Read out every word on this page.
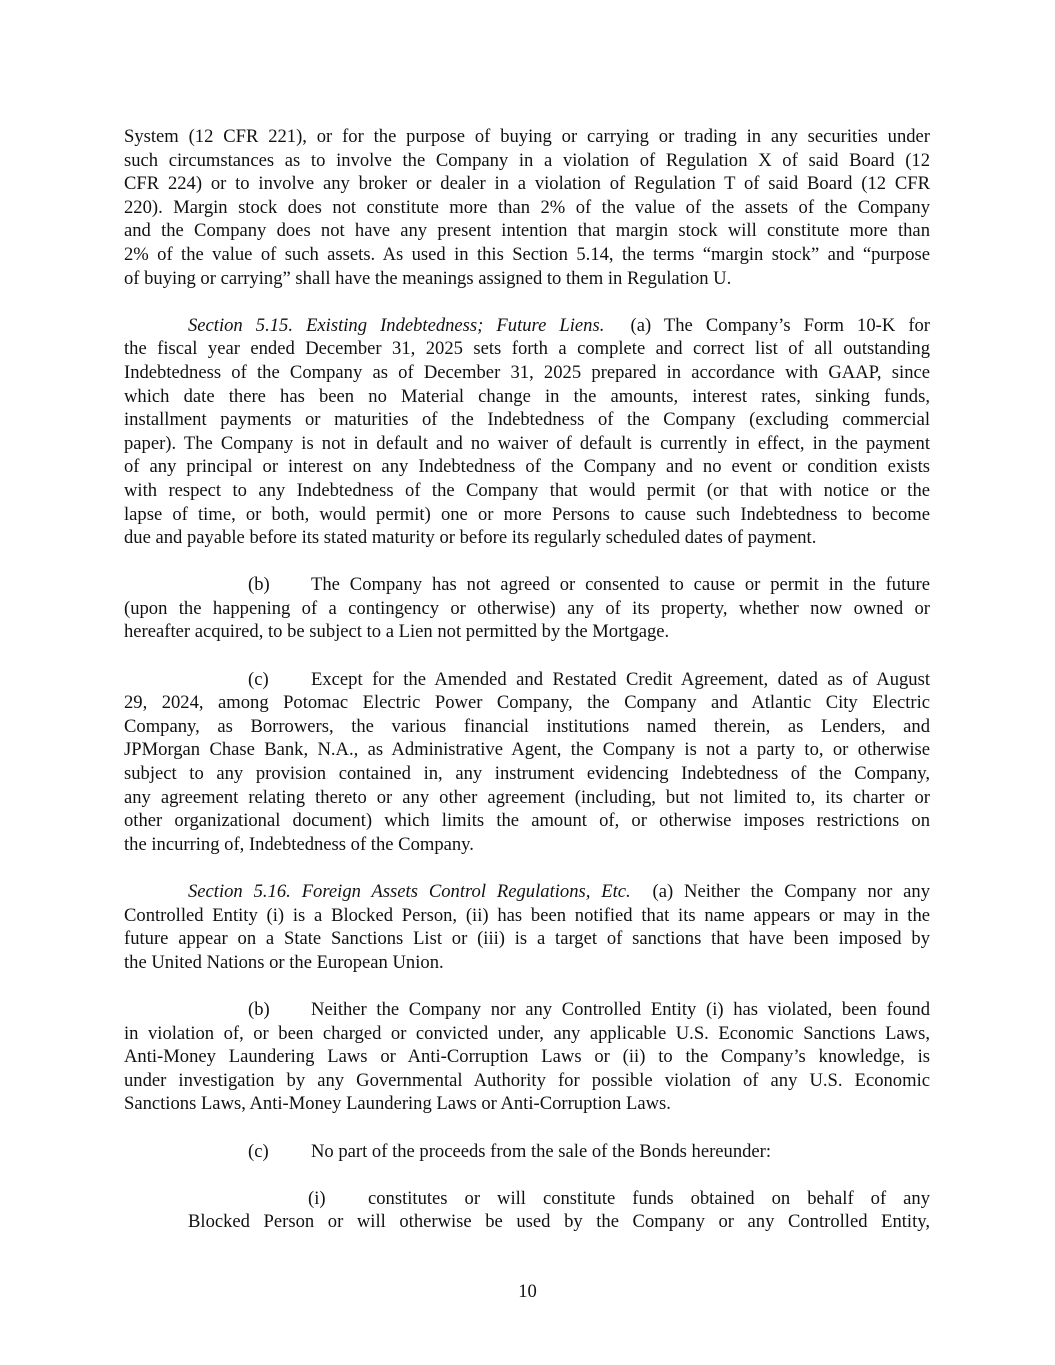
System (12 CFR 221), or for the purpose of buying or carrying or trading in any securities under
such circumstances as to involve the Company in a violation of Regulation X of said Board (12
CFR 224) or to involve any broker or dealer in a violation of Regulation T of said Board (12 CFR
220). Margin stock does not constitute more than 2% of the value of the assets of the Company
and the Company does not have any present intention that margin stock will constitute more than
2% of the value of such assets. As used in this Section 5.14, the terms “margin stock” and “purpose
of buying or carrying” shall have the meanings assigned to them in Regulation U.
Section 5.15. Existing Indebtedness; Future Liens. (a) The Company’s Form 10-K for
the fiscal year ended December 31, 2025 sets forth a complete and correct list of all outstanding
Indebtedness of the Company as of December 31, 2025 prepared in accordance with GAAP, since
which date there has been no Material change in the amounts, interest rates, sinking funds,
installment payments or maturities of the Indebtedness of the Company (excluding commercial
paper). The Company is not in default and no waiver of default is currently in effect, in the payment
of any principal or interest on any Indebtedness of the Company and no event or condition exists
with respect to any Indebtedness of the Company that would permit (or that with notice or the
lapse of time, or both, would permit) one or more Persons to cause such Indebtedness to become
due and payable before its stated maturity or before its regularly scheduled dates of payment.
(b) The Company has not agreed or consented to cause or permit in the future
(upon the happening of a contingency or otherwise) any of its property, whether now owned or
hereafter acquired, to be subject to a Lien not permitted by the Mortgage.
(c) Except for the Amended and Restated Credit Agreement, dated as of August
29, 2024, among Potomac Electric Power Company, the Company and Atlantic City Electric
Company, as Borrowers, the various financial institutions named therein, as Lenders, and
JPMorgan Chase Bank, N.A., as Administrative Agent, the Company is not a party to, or otherwise
subject to any provision contained in, any instrument evidencing Indebtedness of the Company,
any agreement relating thereto or any other agreement (including, but not limited to, its charter or
other organizational document) which limits the amount of, or otherwise imposes restrictions on
the incurring of, Indebtedness of the Company.
Section 5.16. Foreign Assets Control Regulations, Etc. (a) Neither the Company nor any
Controlled Entity (i) is a Blocked Person, (ii) has been notified that its name appears or may in the
future appear on a State Sanctions List or (iii) is a target of sanctions that have been imposed by
the United Nations or the European Union.
(b) Neither the Company nor any Controlled Entity (i) has violated, been found
in violation of, or been charged or convicted under, any applicable U.S. Economic Sanctions Laws,
Anti-Money Laundering Laws or Anti-Corruption Laws or (ii) to the Company’s knowledge, is
under investigation by any Governmental Authority for possible violation of any U.S. Economic
Sanctions Laws, Anti-Money Laundering Laws or Anti-Corruption Laws.
(c) No part of the proceeds from the sale of the Bonds hereunder:
(i) constitutes or will constitute funds obtained on behalf of any
Blocked Person or will otherwise be used by the Company or any Controlled Entity,
10
